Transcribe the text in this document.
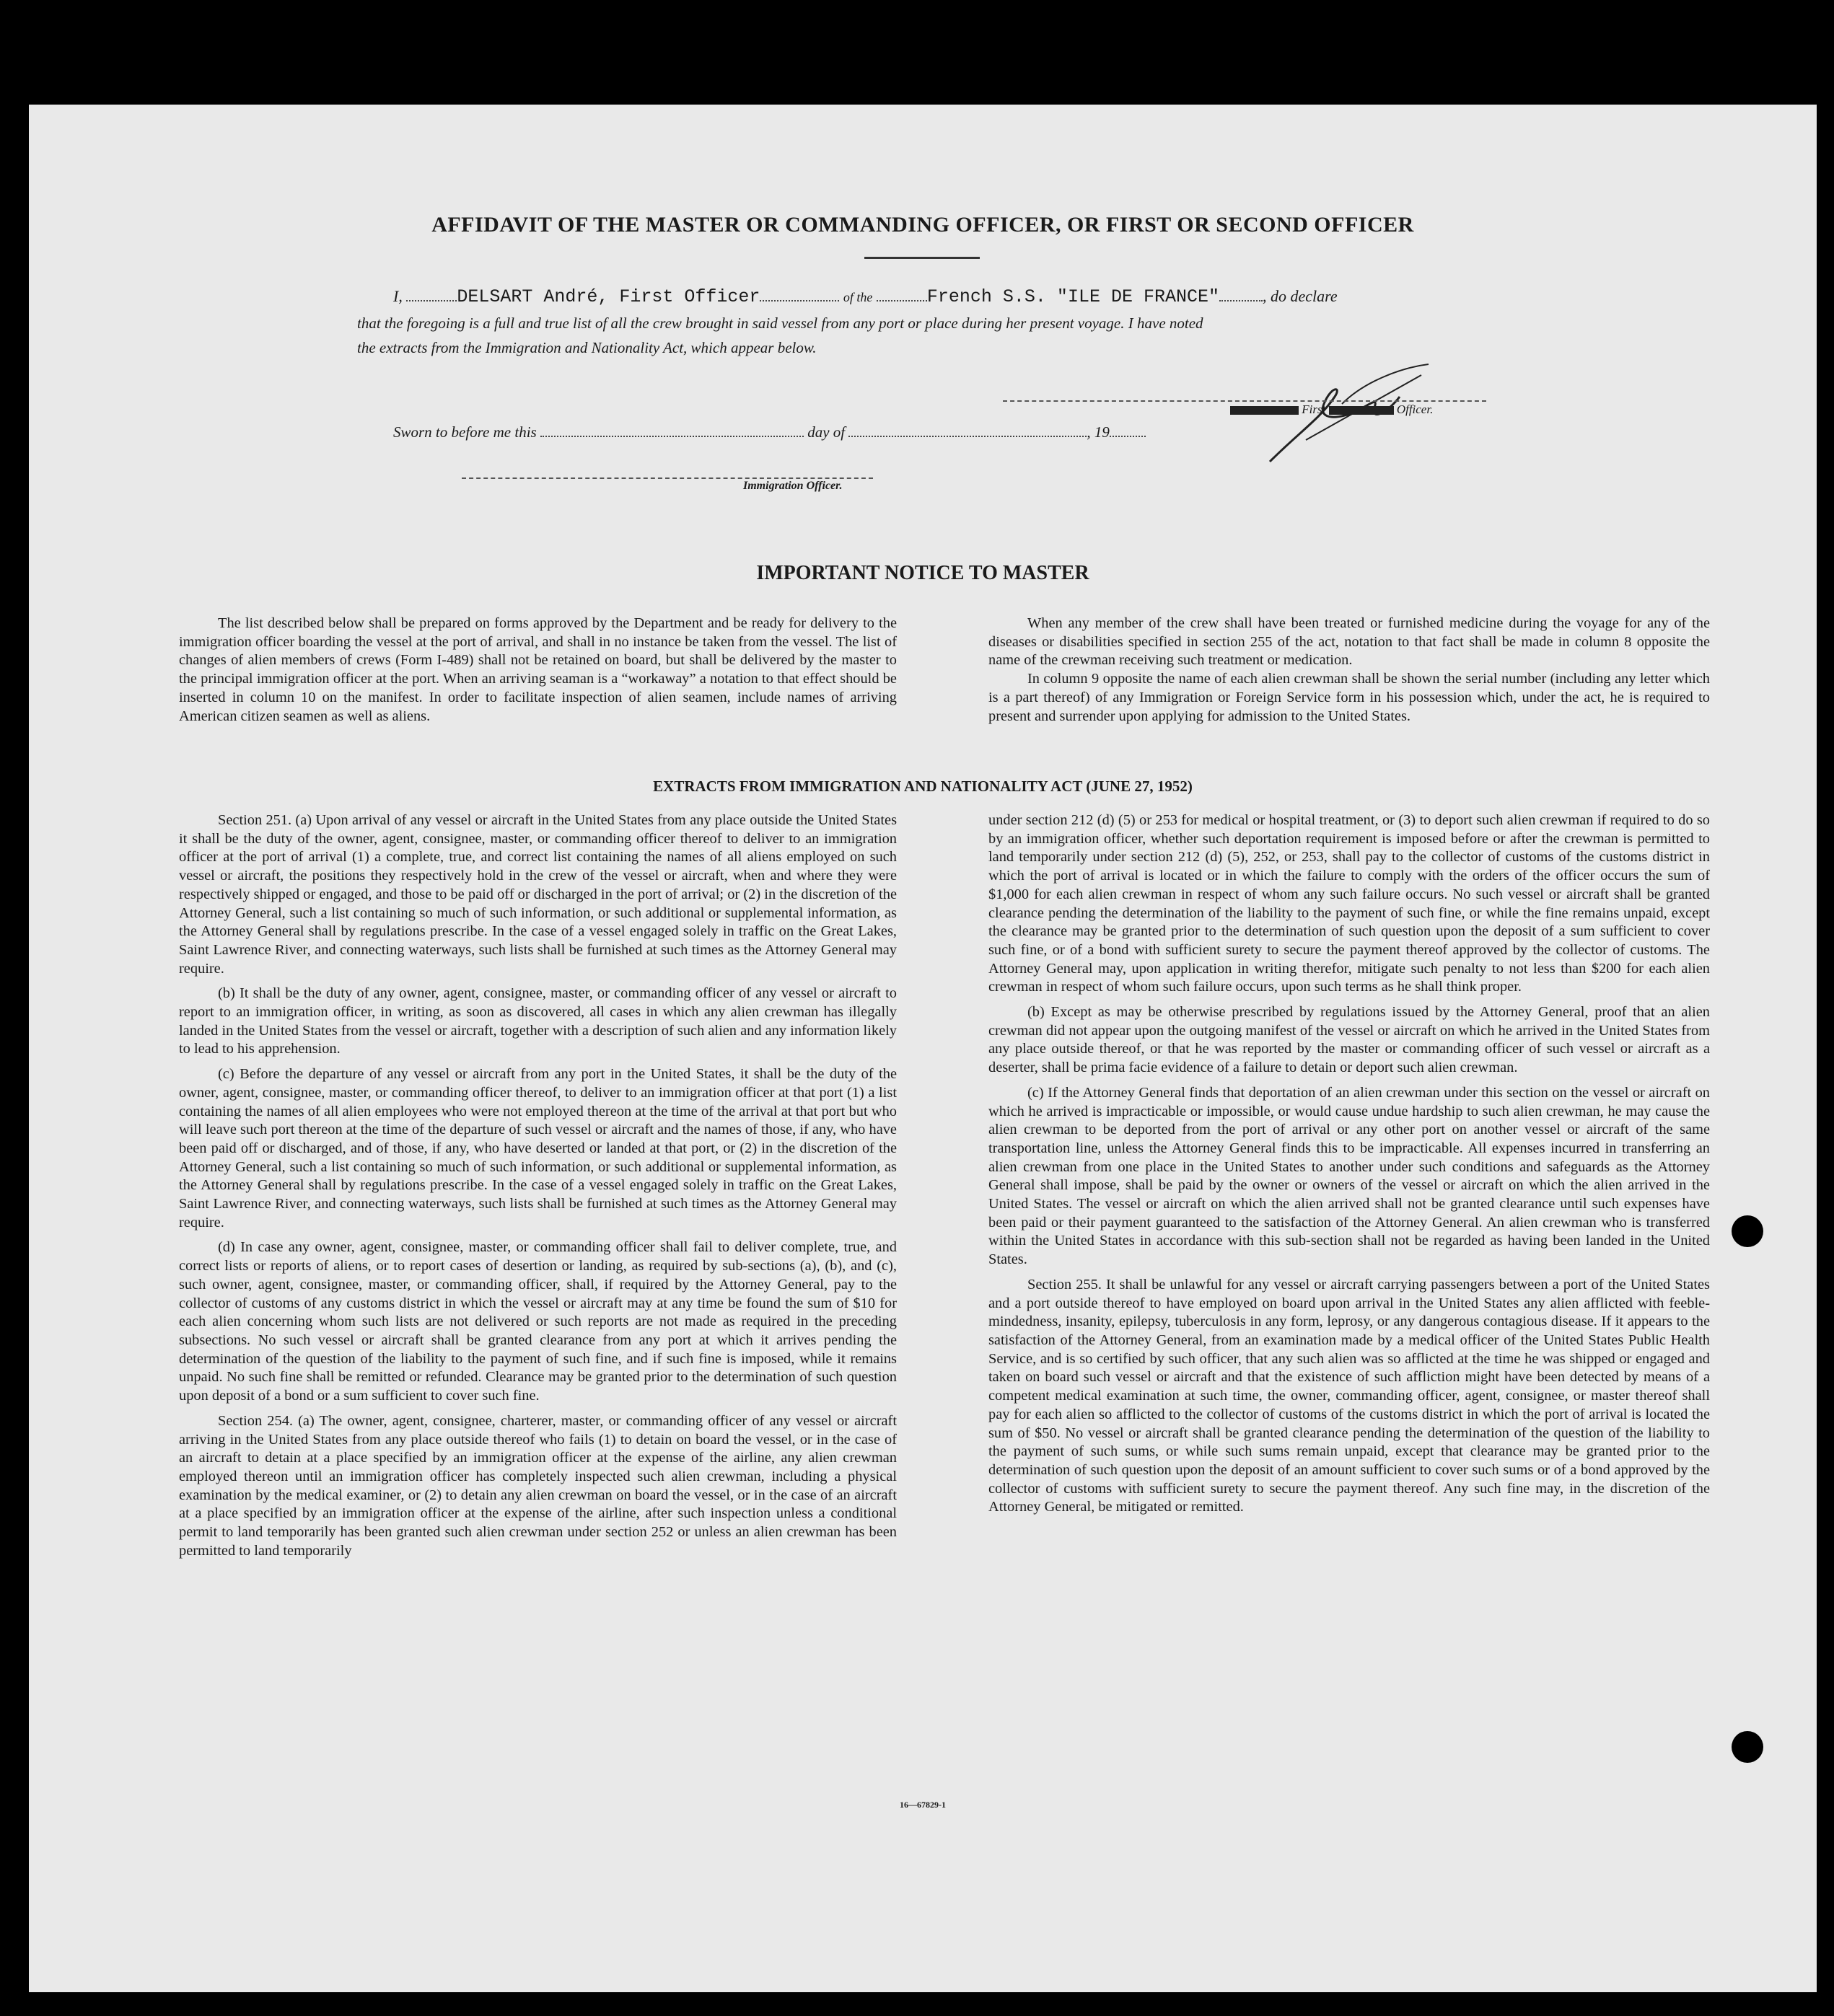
AFFIDAVIT OF THE MASTER OR COMMANDING OFFICER, OR FIRST OR SECOND OFFICER
I,	DELSART André, First Officer	of the	French S.S. "ILE DE FRANCE"	, do declare
that the foregoing is a full and true list of all the crew brought in said vessel from any port or place during her present voyage. I have noted
the extracts from the Immigration and Nationality Act, which appear below.
First	Officer.
Sworn to before me this	day of	, 19
Immigration Officer.
IMPORTANT NOTICE TO MASTER

The list described below shall be prepared on forms approved by the Department and be ready for delivery to the immigration officer boarding the vessel at the port of arrival, and shall in no instance be taken from the vessel. The list of changes of alien members of crews (Form I-489) shall not be retained on board, but shall be delivered by the master to the principal immigration officer at the port. When an arriving seaman is a “workaway” a notation to that effect should be inserted in column 10 on the manifest. In order to facilitate inspection of alien seamen, include names of arriving American citizen seamen as well as aliens.

When any member of the crew shall have been treated or furnished medicine during the voyage for any of the diseases or disabilities specified in section 255 of the act, notation to that fact shall be made in column 8 opposite the name of the crewman receiving such treatment or medication.

In column 9 opposite the name of each alien crewman shall be shown the serial number (including any letter which is a part thereof) of any Immigration or Foreign Service form in his possession which, under the act, he is required to present and surrender upon applying for admission to the United States.

EXTRACTS FROM IMMIGRATION AND NATIONALITY ACT (JUNE 27, 1952)

Section 251. (a) Upon arrival of any vessel or aircraft in the United States from any place outside the United States it shall be the duty of the owner, agent, consignee, master, or commanding officer thereof to deliver to an immigration officer at the port of arrival (1) a complete, true, and correct list containing the names of all aliens employed on such vessel or aircraft, the positions they respectively hold in the crew of the vessel or aircraft, when and where they were respectively shipped or engaged, and those to be paid off or discharged in the port of arrival; or (2) in the discretion of the Attorney General, such a list containing so much of such information, or such additional or supplemental information, as the Attorney General shall by regulations prescribe. In the case of a vessel engaged solely in traffic on the Great Lakes, Saint Lawrence River, and connecting waterways, such lists shall be furnished at such times as the Attorney General may require.

(b) It shall be the duty of any owner, agent, consignee, master, or commanding officer of any vessel or aircraft to report to an immigration officer, in writing, as soon as discovered, all cases in which any alien crewman has illegally landed in the United States from the vessel or aircraft, together with a description of such alien and any information likely to lead to his apprehension.

(c) Before the departure of any vessel or aircraft from any port in the United States, it shall be the duty of the owner, agent, consignee, master, or commanding officer thereof, to deliver to an immigration officer at that port (1) a list containing the names of all alien employees who were not employed thereon at the time of the arrival at that port but who will leave such port thereon at the time of the departure of such vessel or aircraft and the names of those, if any, who have been paid off or discharged, and of those, if any, who have deserted or landed at that port, or (2) in the discretion of the Attorney General, such a list containing so much of such information, or such additional or supplemental information, as the Attorney General shall by regulations prescribe. In the case of a vessel engaged solely in traffic on the Great Lakes, Saint Lawrence River, and connecting waterways, such lists shall be furnished at such times as the Attorney General may require.

(d) In case any owner, agent, consignee, master, or commanding officer shall fail to deliver complete, true, and correct lists or reports of aliens, or to report cases of desertion or landing, as required by sub-sections (a), (b), and (c), such owner, agent, consignee, master, or commanding officer, shall, if required by the Attorney General, pay to the collector of customs of any customs district in which the vessel or aircraft may at any time be found the sum of $10 for each alien concerning whom such lists are not delivered or such reports are not made as required in the preceding subsections. No such vessel or aircraft shall be granted clearance from any port at which it arrives pending the determination of the question of the liability to the payment of such fine, and if such fine is imposed, while it remains unpaid. No such fine shall be remitted or refunded. Clearance may be granted prior to the determination of such question upon deposit of a bond or a sum sufficient to cover such fine.

Section 254. (a) The owner, agent, consignee, charterer, master, or commanding officer of any vessel or aircraft arriving in the United States from any place outside thereof who fails (1) to detain on board the vessel, or in the case of an aircraft to detain at a place specified by an immigration officer at the expense of the airline, any alien crewman employed thereon until an immigration officer has completely inspected such alien crewman, including a physical examination by the medical examiner, or (2) to detain any alien crewman on board the vessel, or in the case of an aircraft at a place specified by an immigration officer at the expense of the airline, after such inspection unless a conditional permit to land temporarily has been granted such alien crewman under section 252 or unless an alien crewman has been permitted to land temporarily

under section 212 (d) (5) or 253 for medical or hospital treatment, or (3) to deport such alien crewman if required to do so by an immigration officer, whether such deportation requirement is imposed before or after the crewman is permitted to land temporarily under section 212 (d) (5), 252, or 253, shall pay to the collector of customs of the customs district in which the port of arrival is located or in which the failure to comply with the orders of the officer occurs the sum of $1,000 for each alien crewman in respect of whom any such failure occurs. No such vessel or aircraft shall be granted clearance pending the determination of the liability to the payment of such fine, or while the fine remains unpaid, except the clearance may be granted prior to the determination of such question upon the deposit of a sum sufficient to cover such fine, or of a bond with sufficient surety to secure the payment thereof approved by the collector of customs. The Attorney General may, upon application in writing therefor, mitigate such penalty to not less than $200 for each alien crewman in respect of whom such failure occurs, upon such terms as he shall think proper.

(b) Except as may be otherwise prescribed by regulations issued by the Attorney General, proof that an alien crewman did not appear upon the outgoing manifest of the vessel or aircraft on which he arrived in the United States from any place outside thereof, or that he was reported by the master or commanding officer of such vessel or aircraft as a deserter, shall be prima facie evidence of a failure to detain or deport such alien crewman.

(c) If the Attorney General finds that deportation of an alien crewman under this section on the vessel or aircraft on which he arrived is impracticable or impossible, or would cause undue hardship to such alien crewman, he may cause the alien crewman to be deported from the port of arrival or any other port on another vessel or aircraft of the same transportation line, unless the Attorney General finds this to be impracticable. All expenses incurred in transferring an alien crewman from one place in the United States to another under such conditions and safeguards as the Attorney General shall impose, shall be paid by the owner or owners of the vessel or aircraft on which the alien arrived in the United States. The vessel or aircraft on which the alien arrived shall not be granted clearance until such expenses have been paid or their payment guaranteed to the satisfaction of the Attorney General. An alien crewman who is transferred within the United States in accordance with this sub-section shall not be regarded as having been landed in the United States.

Section 255. It shall be unlawful for any vessel or aircraft carrying passengers between a port of the United States and a port outside thereof to have employed on board upon arrival in the United States any alien afflicted with feeble-mindedness, insanity, epilepsy, tuberculosis in any form, leprosy, or any dangerous contagious disease. If it appears to the satisfaction of the Attorney General, from an examination made by a medical officer of the United States Public Health Service, and is so certified by such officer, that any such alien was so afflicted at the time he was shipped or engaged and taken on board such vessel or aircraft and that the existence of such affliction might have been detected by means of a competent medical examination at such time, the owner, commanding officer, agent, consignee, or master thereof shall pay for each alien so afflicted to the collector of customs of the customs district in which the port of arrival is located the sum of $50. No vessel or aircraft shall be granted clearance pending the determination of the question of the liability to the payment of such sums, or while such sums remain unpaid, except that clearance may be granted prior to the determination of such question upon the deposit of an amount sufficient to cover such sums or of a bond approved by the collector of customs with sufficient surety to secure the payment thereof. Any such fine may, in the discretion of the Attorney General, be mitigated or remitted.

16—67829-1
